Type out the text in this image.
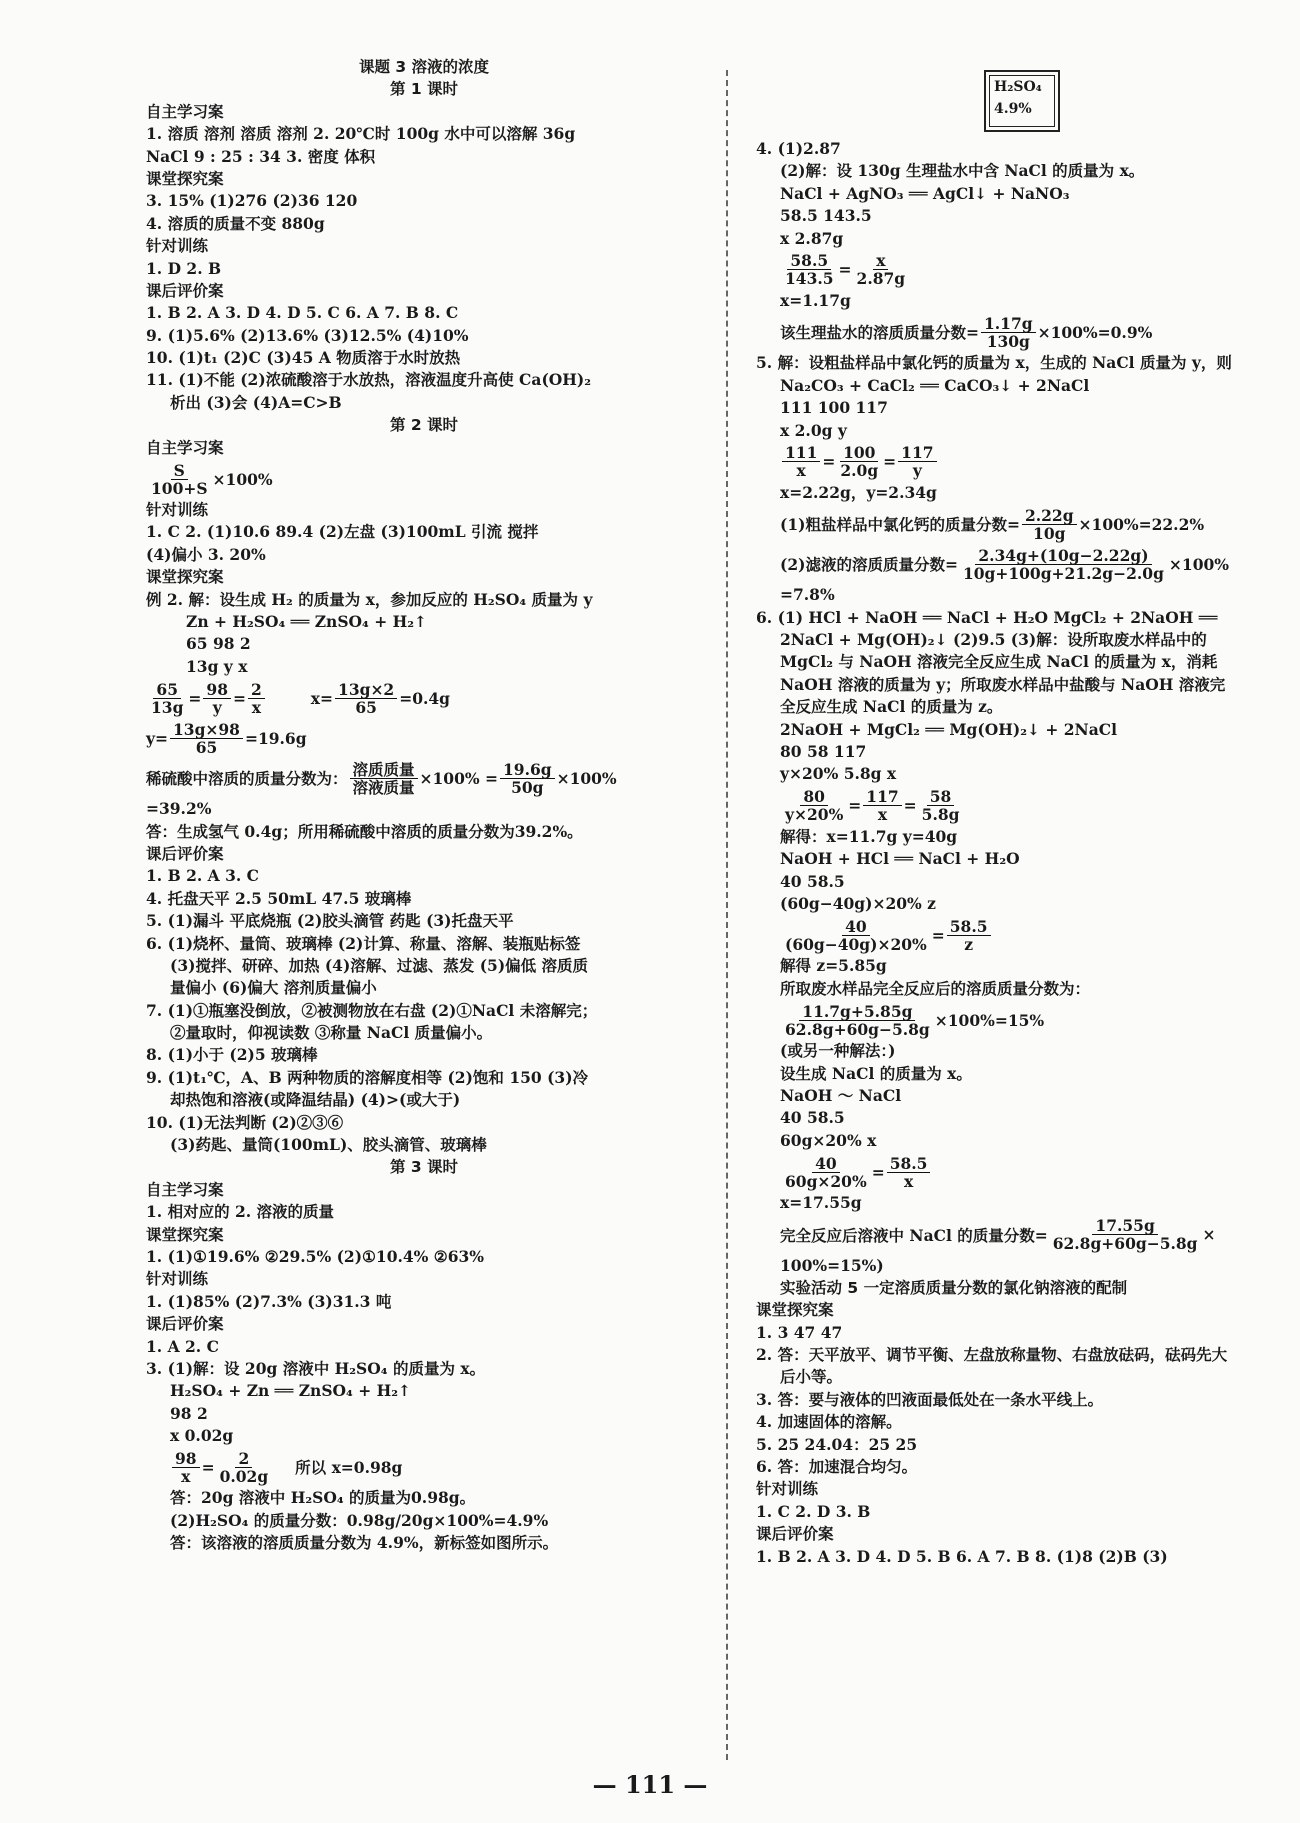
课题 3 溶液的浓度
第 1 课时
自主学习案
1. 溶质 溶剂 溶质 溶剂 2. 20℃时 100g 水中可以溶解 36g
NaCl 9 : 25 : 34 3. 密度 体积
课堂探究案
3. 15% (1)276 (2)36 120
4. 溶质的质量不变 880g
针对训练
1. D 2. B
课后评价案
1. B 2. A 3. D 4. D 5. C 6. A 7. B 8. C
9. (1)5.6% (2)13.6% (3)12.5% (4)10%
10. (1)t₁ (2)C (3)45 A 物质溶于水时放热
11. (1)不能 (2)浓硫酸溶于水放热，溶液温度升高使 Ca(OH)₂
析出 (3)会 (4)A=C>B
第 2 课时
自主学习案
$\frac{S}{100+S} \times 100\%$
针对训练
1. C 2. (1)10.6 89.4 (2)左盘 (3)100mL 引流 搅拌
(4)偏小 3. 20%
课堂探究案
例 2. 解：设生成 H₂ 的质量为 x，参加反应的 H₂SO₄ 质量为 y
Zn + H₂SO₄ ══ ZnSO₄ + H₂↑
65 98 2
13g y x
$\frac{65}{13g} = \frac{98}{y} = \frac{2}{x}$	$x= \frac{13g\times 2}{65} =0.4g$
$y= \frac{13g\times 98}{65} =19.6g$
稀硫酸中溶质的质量分数为： $\frac{\text{溶质质量}}{\text{溶液质量}} \times 100\% = \frac{19.6g}{50g} \times 100\%$
=39.2%
答：生成氢气 0.4g；所用稀硫酸中溶质的质量分数为39.2%。
课后评价案
1. B 2. A 3. C
4. 托盘天平 2.5 50mL 47.5 玻璃棒
5. (1)漏斗 平底烧瓶 (2)胶头滴管 药匙 (3)托盘天平
6. (1)烧杯、量筒、玻璃棒 (2)计算、称量、溶解、装瓶贴标签
(3)搅拌、研碎、加热 (4)溶解、过滤、蒸发 (5)偏低 溶质质
量偏小 (6)偏大 溶剂质量偏小
7. (1)①瓶塞没倒放，②被测物放在右盘 (2)①NaCl 未溶解完；
②量取时，仰视读数 ③称量 NaCl 质量偏小。
8. (1)小于 (2)5 玻璃棒
9. (1)t₁℃，A、B 两种物质的溶解度相等 (2)饱和 150 (3)冷
却热饱和溶液(或降温结晶) (4)>(或大于)
10. (1)无法判断 (2)②③⑥
(3)药匙、量筒(100mL)、胶头滴管、玻璃棒
第 3 课时
自主学习案
1. 相对应的 2. 溶液的质量
课堂探究案
1. (1)①19.6% ②29.5% (2)①10.4% ②63%
针对训练
1. (1)85% (2)7.3% (3)31.3 吨
课后评价案
1. A 2. C
3. (1)解：设 20g 溶液中 H₂SO₄ 的质量为 x。
H₂SO₄ + Zn ══ ZnSO₄ + H₂↑
98 2
x 0.02g
$\frac{98}{x} = \frac{2}{0.02g}$ 所以 x=0.98g
答：20g 溶液中 H₂SO₄ 的质量为0.98g。
(2)H₂SO₄ 的质量分数：0.98g/20g×100%=4.9%
答：该溶液的溶质质量分数为 4.9%，新标签如图所示。
H₂SO₄
4.9%
4. (1)2.87
(2)解：设 130g 生理盐水中含 NaCl 的质量为 x。
NaCl + AgNO₃ ══ AgCl↓ + NaNO₃
58.5 143.5
x 2.87g
$\frac{58.5}{143.5} = \frac{x}{2.87g}$
x=1.17g
该生理盐水的溶质质量分数= $\frac{1.17g}{130g} \times 100\%=0.9\%$
5. 解：设粗盐样品中氯化钙的质量为 x，生成的 NaCl 质量为 y，则
Na₂CO₃ + CaCl₂ ══ CaCO₃↓ + 2NaCl
111 100 117
x 2.0g y
$\frac{111}{x} = \frac{100}{2.0g} = \frac{117}{y}$
x=2.22g，y=2.34g
(1)粗盐样品中氯化钙的质量分数= $\frac{2.22g}{10g} \times 100\%=22.2\%$
(2)滤液的溶质质量分数= $\frac{2.34g+(10g-2.22g)}{10g+100g+21.2g-2.0g} \times 100\%$
=7.8%
6. (1) HCl + NaOH ══ NaCl + H₂O MgCl₂ + 2NaOH ══
2NaCl + Mg(OH)₂↓ (2)9.5 (3)解：设所取废水样品中的
MgCl₂ 与 NaOH 溶液完全反应生成 NaCl 的质量为 x，消耗
NaOH 溶液的质量为 y；所取废水样品中盐酸与 NaOH 溶液完
全反应生成 NaCl 的质量为 z。
2NaOH + MgCl₂ ══ Mg(OH)₂↓ + 2NaCl
80 58 117
y×20% 5.8g x
$\frac{80}{y\times 20\%} = \frac{117}{x} = \frac{58}{5.8g}$
解得：x=11.7g y=40g
NaOH + HCl ══ NaCl + H₂O
40 58.5
(60g−40g)×20% z
$\frac{40}{(60g-40g)\times 20\%} = \frac{58.5}{z}$
解得 z=5.85g
所取废水样品完全反应后的溶质质量分数为：
$\frac{11.7g+5.85g}{62.8g+60g-5.8g} \times 100\%=15\%$
(或另一种解法：)
设生成 NaCl 的质量为 x。
NaOH ～ NaCl
40 58.5
60g×20% x
$\frac{40}{60g\times 20\%} = \frac{58.5}{x}$
x=17.55g
完全反应后溶液中 NaCl 的质量分数= $\frac{17.55g}{62.8g+60g-5.8g}$ ×
100%=15%)
实验活动 5 一定溶质质量分数的氯化钠溶液的配制
课堂探究案
1. 3 47 47
2. 答：天平放平、调节平衡、左盘放称量物、右盘放砝码，砝码先大
后小等。
3. 答：要与液体的凹液面最低处在一条水平线上。
4. 加速固体的溶解。
5. 25 24.04：25 25
6. 答：加速混合均匀。
针对训练
1. C 2. D 3. B
课后评价案
1. B 2. A 3. D 4. D 5. B 6. A 7. B 8. (1)8 (2)B (3)
— 111 —
